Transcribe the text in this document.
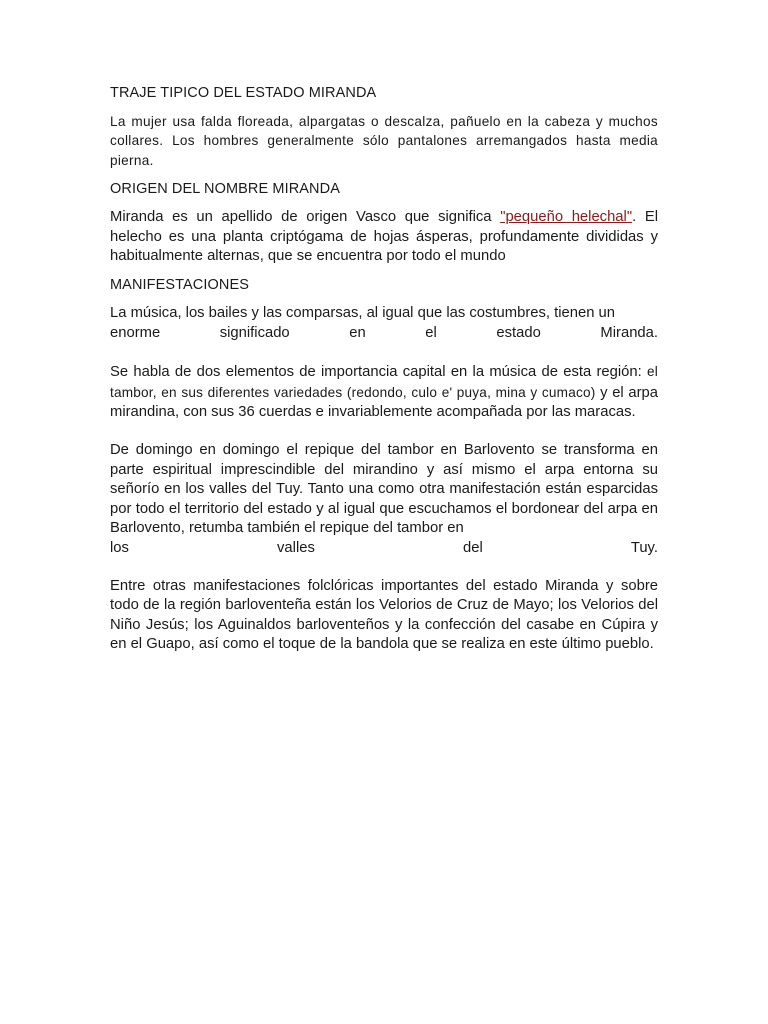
TRAJE TIPICO DEL ESTADO MIRANDA

La mujer usa falda floreada, alpargatas o descalza, pañuelo en la cabeza y muchos collares. Los hombres generalmente sólo pantalones arremangados hasta media pierna.

ORIGEN DEL NOMBRE MIRANDA

Miranda es un apellido de origen Vasco que significa "pequeño helechal". El helecho es una planta criptógama de hojas ásperas, profundamente divididas y habitualmente alternas, que se encuentra por todo el mundo

MANIFESTACIONES

La música, los bailes y las comparsas, al igual que las costumbres, tienen un

enorme	significado	en	el	estado	Miranda.

Se habla de dos elementos de importancia capital en la música de esta región: el tambor, en sus diferentes variedades (redondo, culo e' puya, mina y cumaco) y el arpa mirandina, con sus 36 cuerdas e invariablemente acompañada por las maracas.

De domingo en domingo el repique del tambor en Barlovento se transforma en parte espiritual imprescindible del mirandino y así mismo el arpa entorna su señorío en los valles del Tuy. Tanto una como otra manifestación están esparcidas por todo el territorio del estado y al igual que escuchamos el bordonear del arpa en Barlovento, retumba también el repique del tambor en

los	valles	del	Tuy.

Entre otras manifestaciones folclóricas importantes del estado Miranda y sobre todo de la región barloventeña están los Velorios de Cruz de Mayo; los Velorios del Niño Jesús; los Aguinaldos barloventeños y la confección del casabe en Cúpira y en el Guapo, así como el toque de la bandola que se realiza en este último pueblo.
